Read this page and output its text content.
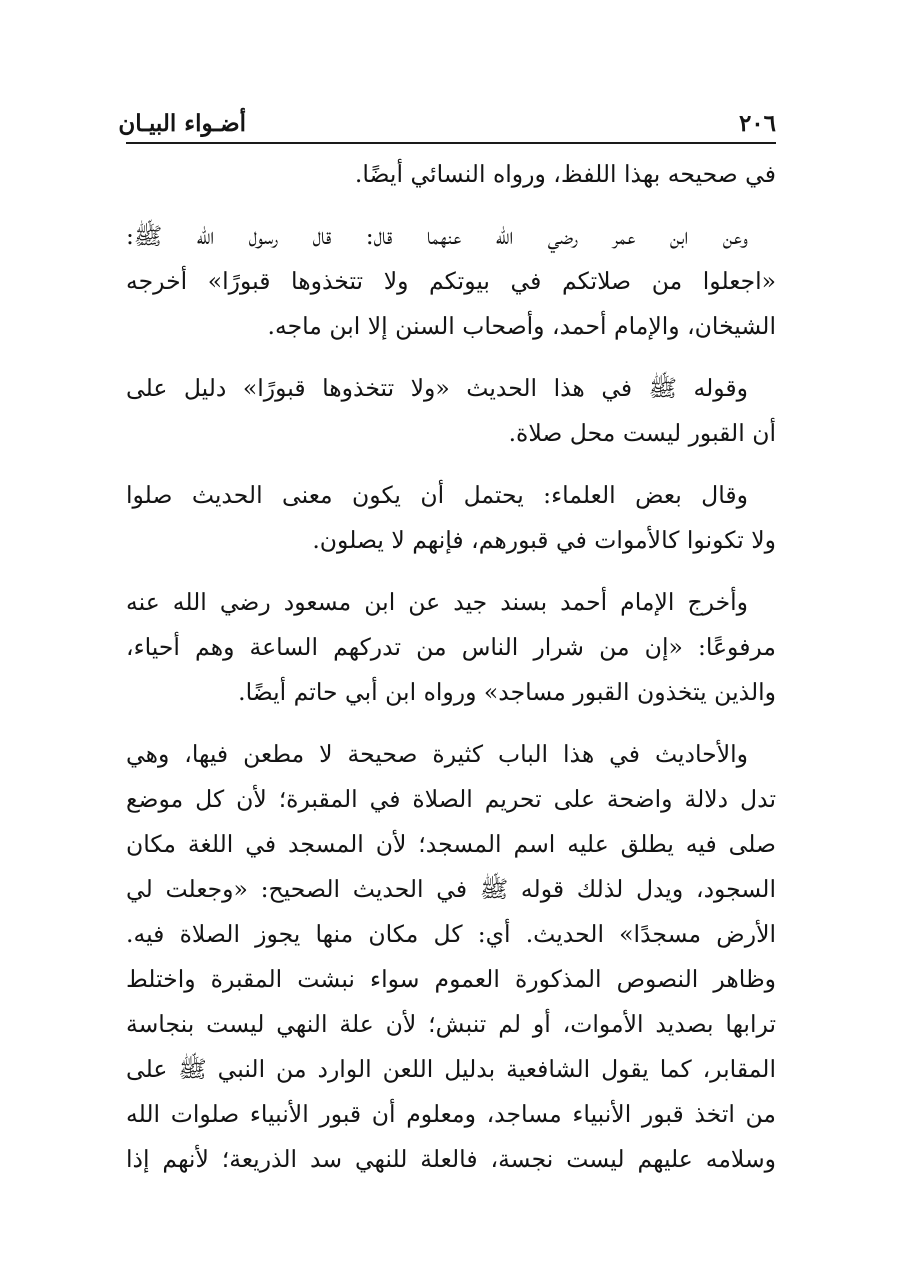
٢٠٦
أضـواء البيـان
في صحيحه بهذا اللفظ، ورواه النسائي أيضًا.
وعن ابن عمر رضي الله عنهما قال: قال رسول الله ﷺ:
«اجعلوا من صلاتكم في بيوتكم ولا تتخذوها قبورًا» أخرجه
الشيخان، والإمام أحمد، وأصحاب السنن إلا ابن ماجه.
وقوله ﷺ في هذا الحديث «ولا تتخذوها قبورًا» دليل على
أن القبور ليست محل صلاة.
وقال بعض العلماء: يحتمل أن يكون معنى الحديث صلوا
ولا تكونوا كالأموات في قبورهم، فإنهم لا يصلون.
وأخرج الإمام أحمد بسند جيد عن ابن مسعود رضي الله عنه
مرفوعًا: «إن من شرار الناس من تدركهم الساعة وهم أحياء،
والذين يتخذون القبور مساجد» ورواه ابن أبي حاتم أيضًا.
والأحاديث في هذا الباب كثيرة صحيحة لا مطعن فيها، وهي
تدل دلالة واضحة على تحريم الصلاة في المقبرة؛ لأن كل موضع
صلى فيه يطلق عليه اسم المسجد؛ لأن المسجد في اللغة مكان
السجود، ويدل لذلك قوله ﷺ في الحديث الصحيح: «وجعلت لي
الأرض مسجدًا» الحديث. أي: كل مكان منها يجوز الصلاة فيه.
وظاهر النصوص المذكورة العموم سواء نبشت المقبرة واختلط
ترابها بصديد الأموات، أو لم تنبش؛ لأن علة النهي ليست بنجاسة
المقابر، كما يقول الشافعية بدليل اللعن الوارد من النبي ﷺ على
من اتخذ قبور الأنبياء مساجد، ومعلوم أن قبور الأنبياء صلوات الله
وسلامه عليهم ليست نجسة، فالعلة للنهي سد الذريعة؛ لأنهم إذا
